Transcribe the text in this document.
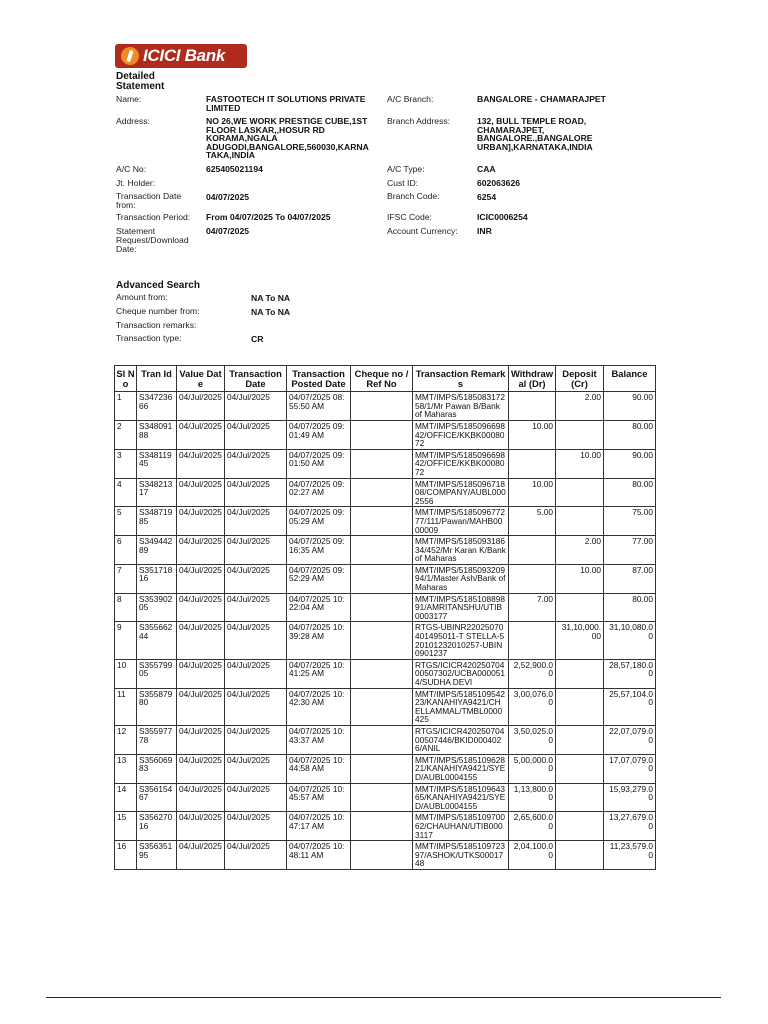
ICICI Bank
Detailed Statement
Name:	FASTOOTECH IT SOLUTIONS PRIVATE LIMITED
Address:	NO 26,WE WORK PRESTIGE CUBE,1ST FLOOR LASKAR,,HOSUR RD KORAMA,NGALA ADUGODI,BANGALORE,560030,KARNA TAKA,INDIA
A/C No:	625405021194
Jt. Holder:
Transaction Date from:
04/07/2025
Transaction Period: From 04/07/2025 To 04/07/2025
Statement Request/Download Date:
04/07/2025
A/C Branch:	BANGALORE - CHAMARAJPET
Branch Address:	132, BULL TEMPLE ROAD, CHAMARAJPET, BANGALORE.,BANGALORE URBAN],KARNATAKA,INDIA
A/C Type:	CAA
Cust ID:	602063626
Branch Code:	6254
IFSC Code:	ICIC0006254
Account Currency: INR
Advanced Search
Amount from:	NA To NA
Cheque number from:	NA To NA
Transaction remarks:
Transaction type:	CR
Sl No	Tran Id	Value Date	Transaction Date	Transaction Posted Date	Cheque no / Ref No	Transaction Remarks	Withdrawal (Dr)	Deposit (Cr)	Balance
1	S34723666	04/Jul/2025	04/Jul/2025	04/07/2025 08:55:50 AM		MMT/IMPS/518508317258/1/Mr Pawan B/Bank of Maharas		2.00	90.00
2	S34809188	04/Jul/2025	04/Jul/2025	04/07/2025 09:01:49 AM		MMT/IMPS/518509669842/OFFICE/KKBK0008072	10.00		80.00
3	S34811945	04/Jul/2025	04/Jul/2025	04/07/2025 09:01:50 AM		MMT/IMPS/518509669842/OFFICE/KKBK0008072		10.00	90.00
4	S34821317	04/Jul/2025	04/Jul/2025	04/07/2025 09:02:27 AM		MMT/IMPS/518509671808/COMPANY/AUBL0002556	10.00		80.00
5	S34871985	04/Jul/2025	04/Jul/2025	04/07/2025 09:05:29 AM		MMT/IMPS/518509677277/111/Pawan/MAHB0000009	5.00		75.00
6	S34944289	04/Jul/2025	04/Jul/2025	04/07/2025 09:16:35 AM		MMT/IMPS/518509318634/452/Mr Karan K/Bank of Maharas		2.00	77.00
7	S35171816	04/Jul/2025	04/Jul/2025	04/07/2025 09:52:29 AM		MMT/IMPS/518509320994/1/Master Ash/Bank of Maharas		10.00	87.00
8	S35390205	04/Jul/2025	04/Jul/2025	04/07/2025 10:22:04 AM		MMT/IMPS/518510889891/AMRITANSHU/UTIB0003177	7.00		80.00
9	S35566244	04/Jul/2025	04/Jul/2025	04/07/2025 10:39:28 AM		RTGS-UBINR22025070401495011-T STELLA-520101232010257-UBIN0901237		31,10,000.00	31,10,080.00
10	S35579905	04/Jul/2025	04/Jul/2025	04/07/2025 10:41:25 AM		RTGS/ICICR42025070400507302/UCBA0000514/SUDHA DEVI	2,52,900.00		28,57,180.00
11	S35587980	04/Jul/2025	04/Jul/2025	04/07/2025 10:42:30 AM		MMT/IMPS/518510954223/KANAHIYA9421/CHELLAMMAL/TMBL0000425	3,00,076.00		25,57,104.00
12	S35597778	04/Jul/2025	04/Jul/2025	04/07/2025 10:43:37 AM		RTGS/ICICR42025070400507446/BKID0004026/ANIL	3,50,025.00		22,07,079.00
13	S35606983	04/Jul/2025	04/Jul/2025	04/07/2025 10:44:58 AM		MMT/IMPS/518510962821/KANAHIYA9421/SYED/AUBL0004155	5,00,000.00		17,07,079.00
14	S35615467	04/Jul/2025	04/Jul/2025	04/07/2025 10:45:57 AM		MMT/IMPS/518510964365/KANAHIYA9421/SYED/AUBL0004155	1,13,800.00		15,93,279.00
15	S35627016	04/Jul/2025	04/Jul/2025	04/07/2025 10:47:17 AM		MMT/IMPS/518510970062/CHAUHAN/UTIB0003117	2,65,600.00		13,27,679.00
16	S35635195	04/Jul/2025	04/Jul/2025	04/07/2025 10:48:11 AM		MMT/IMPS/518510972397/ASHOK/UTKS0001748	2,04,100.00		11,23,579.00
